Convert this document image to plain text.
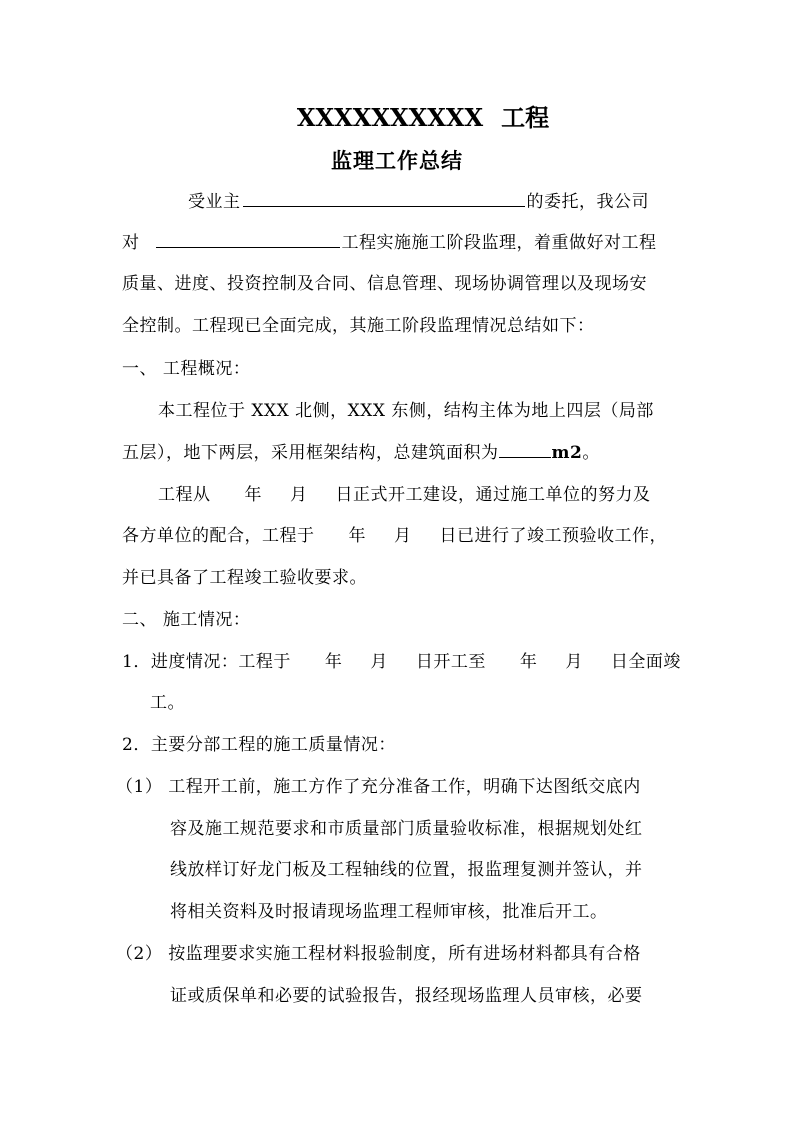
XXXXXXXXXX 工程
监理工作总结
受业主	的委托，我公司
对	工程实施施工阶段监理，着重做好对工程
质量、进度、投资控制及合同、信息管理、现场协调管理以及现场安
全控制。工程现已全面完成，其施工阶段监理情况总结如下：
一、 工程概况：
本工程位于 XXX 北侧，XXX 东侧，结构主体为地上四层（局部
五层），地下两层，采用框架结构，总建筑面积为	m2。
工程从 年 月 日正式开工建设，通过施工单位的努力及
各方单位的配合，工程于 年 月 日已进行了竣工预验收工作，
并已具备了工程竣工验收要求。
二、 施工情况：
1．进度情况：工程于 年 月 日开工至 年 月 日全面竣
工。
2．主要分部工程的施工质量情况：
（1） 工程开工前，施工方作了充分准备工作，明确下达图纸交底内
容及施工规范要求和市质量部门质量验收标准，根据规划处红
线放样订好龙门板及工程轴线的位置，报监理复测并签认，并
将相关资料及时报请现场监理工程师审核，批准后开工。
（2） 按监理要求实施工程材料报验制度，所有进场材料都具有合格
证或质保单和必要的试验报告，报经现场监理人员审核，必要
